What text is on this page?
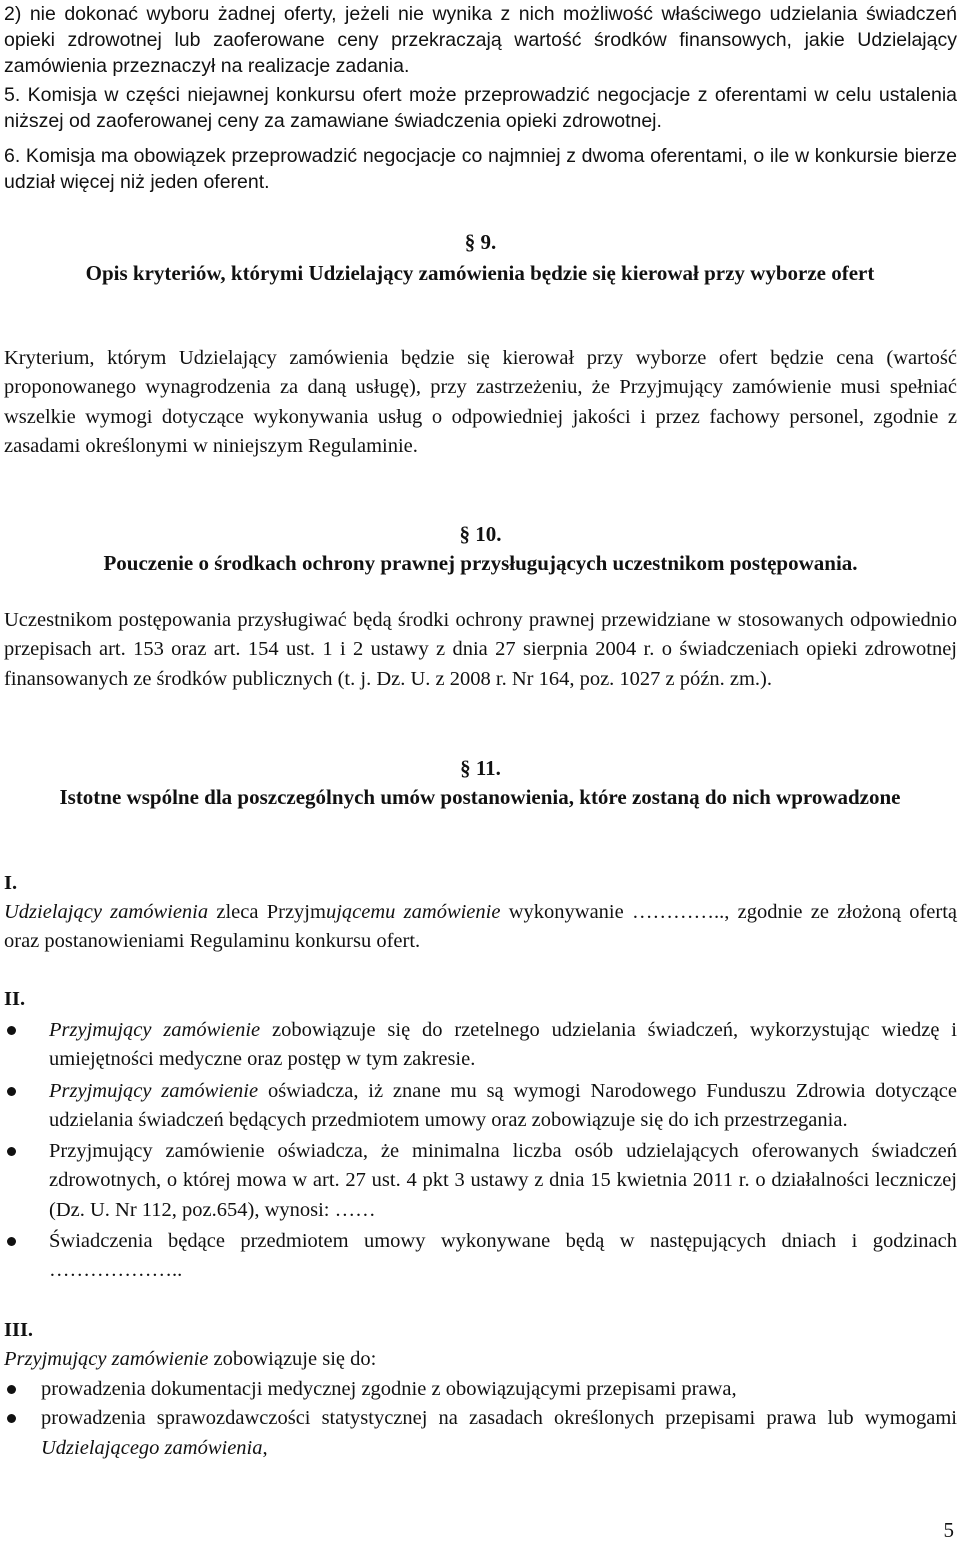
2) nie dokonać wyboru żadnej oferty, jeżeli nie wynika z nich możliwość właściwego udzielania świadczeń opieki zdrowotnej lub zaoferowane ceny przekraczają wartość środków finansowych, jakie Udzielający zamówienia przeznaczył na realizacje zadania.
5. Komisja w części niejawnej konkursu ofert może przeprowadzić negocjacje z oferentami w celu ustalenia niższej od zaoferowanej ceny za zamawiane świadczenia opieki zdrowotnej.
6. Komisja ma obowiązek przeprowadzić negocjacje co najmniej z dwoma oferentami, o ile w konkursie bierze udział więcej niż jeden oferent.
§ 9.
Opis kryteriów, którymi Udzielający zamówienia będzie się kierował przy wyborze ofert
Kryterium, którym Udzielający zamówienia będzie się kierował przy wyborze ofert będzie cena (wartość proponowanego wynagrodzenia za daną usługę), przy zastrzeżeniu, że Przyjmujący zamówienie musi spełniać wszelkie wymogi dotyczące wykonywania usług o odpowiedniej jakości i przez fachowy personel, zgodnie z zasadami określonymi w niniejszym Regulaminie.
§ 10.
Pouczenie o środkach ochrony prawnej przysługujących uczestnikom postępowania.
Uczestnikom postępowania przysługiwać będą środki ochrony prawnej przewidziane w stosowanych odpowiednio przepisach art. 153 oraz art. 154 ust. 1 i 2 ustawy z dnia 27 sierpnia 2004 r. o świadczeniach opieki zdrowotnej finansowanych ze środków publicznych (t. j. Dz. U. z 2008 r. Nr 164, poz. 1027 z późn. zm.).
§ 11.
Istotne wspólne dla poszczególnych umów postanowienia, które zostaną do nich wprowadzone
I.
Udzielający zamówienia zleca Przyjmującemu zamówienie wykonywanie ………….., zgodnie ze złożoną ofertą oraz postanowieniami Regulaminu konkursu ofert.
II.
Przyjmujący zamówienie zobowiązuje się do rzetelnego udzielania świadczeń, wykorzystując wiedzę i umiejętności medyczne oraz postęp w tym zakresie.
Przyjmujący zamówienie oświadcza, iż znane mu są wymogi Narodowego Funduszu Zdrowia dotyczące udzielania świadczeń będących przedmiotem umowy oraz zobowiązuje się do ich przestrzegania.
Przyjmujący zamówienie oświadcza, że minimalna liczba osób udzielających oferowanych świadczeń zdrowotnych, o której mowa w art. 27 ust. 4 pkt 3 ustawy z dnia 15 kwietnia 2011 r. o działalności leczniczej (Dz. U. Nr 112, poz.654), wynosi: ……
Świadczenia będące przedmiotem umowy wykonywane będą w następujących dniach i godzinach ………………..
III.
Przyjmujący zamówienie zobowiązuje się do:
prowadzenia dokumentacji medycznej zgodnie z obowiązującymi przepisami prawa,
prowadzenia sprawozdawczości statystycznej na zasadach określonych przepisami prawa lub wymogami Udzielającego zamówienia,
5
